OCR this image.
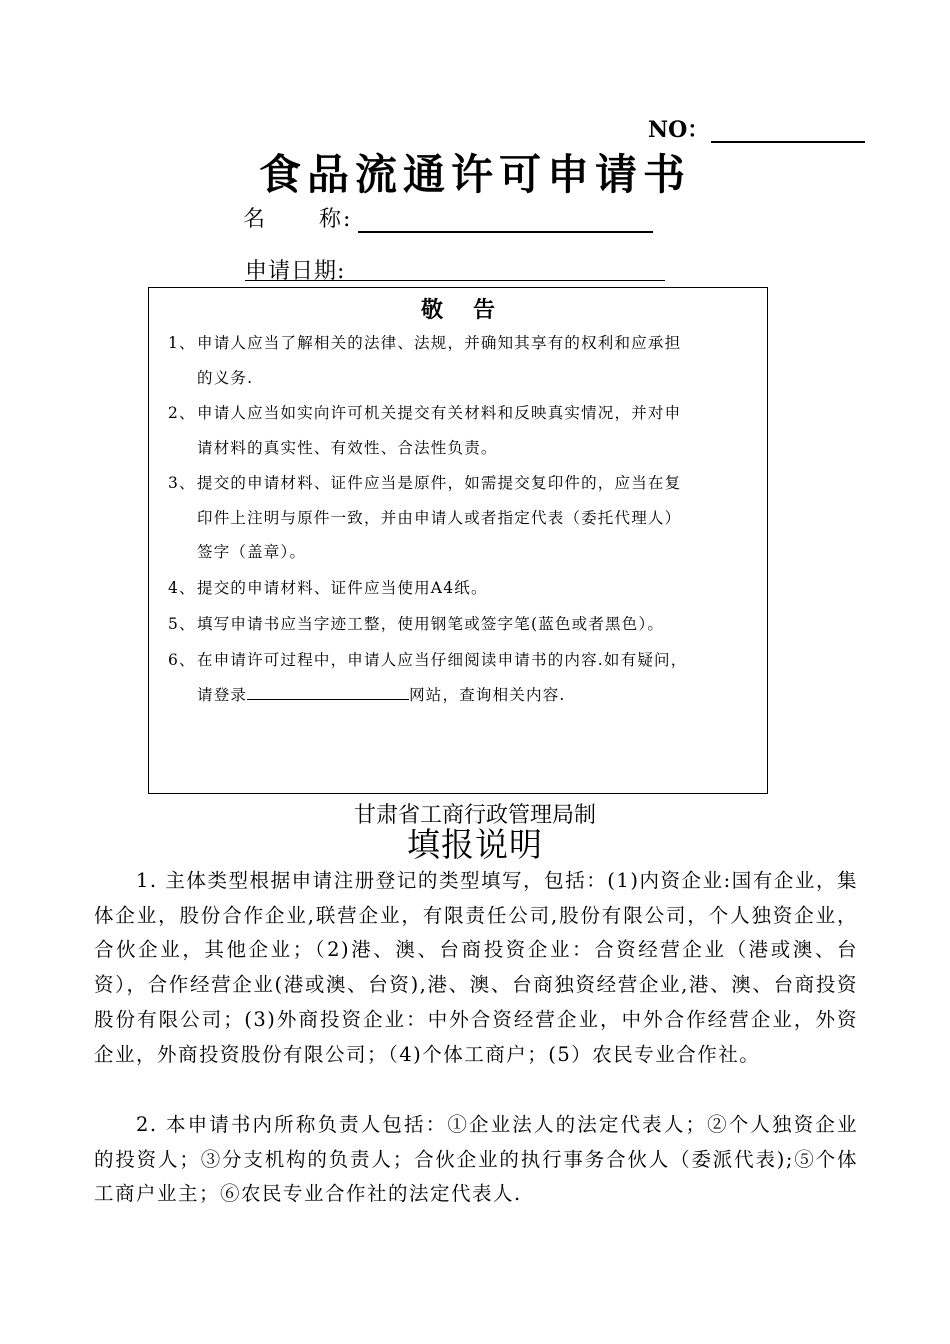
NO：
食品流通许可申请书
名 称:
申请日期:
敬告
1、申请人应当了解相关的法律、法规，并确知其享有的权利和应承担
的义务.
2、申请人应当如实向许可机关提交有关材料和反映真实情况，并对申
请材料的真实性、有效性、合法性负责。
3、提交的申请材料、证件应当是原件，如需提交复印件的，应当在复
印件上注明与原件一致，并由申请人或者指定代表（委托代理人）
签字（盖章）。
4、提交的申请材料、证件应当使用A4纸。
5、填写申请书应当字迹工整，使用钢笔或签字笔(蓝色或者黑色）。
6、在申请许可过程中，申请人应当仔细阅读申请书的内容.如有疑问，
请登录	网站，查询相关内容.
甘肃省工商行政管理局制
填报说明
1. 主体类型根据申请注册登记的类型填写，包括：(1)内资企业:国有企业，集体企业，股份合作企业,联营企业，有限责任公司,股份有限公司，个人独资企业，合伙企业，其他企业；（2)港、澳、台商投资企业：合资经营企业（港或澳、台资），合作经营企业(港或澳、台资),港、澳、台商独资经营企业,港、澳、台商投资股份有限公司；(3)外商投资企业：中外合资经营企业，中外合作经营企业，外资企业，外商投资股份有限公司；（4)个体工商户；(5）农民专业合作社。
2. 本申请书内所称负责人包括：①企业法人的法定代表人；②个人独资企业的投资人；③分支机构的负责人；合伙企业的执行事务合伙人（委派代表);⑤个体工商户业主；⑥农民专业合作社的法定代表人.
